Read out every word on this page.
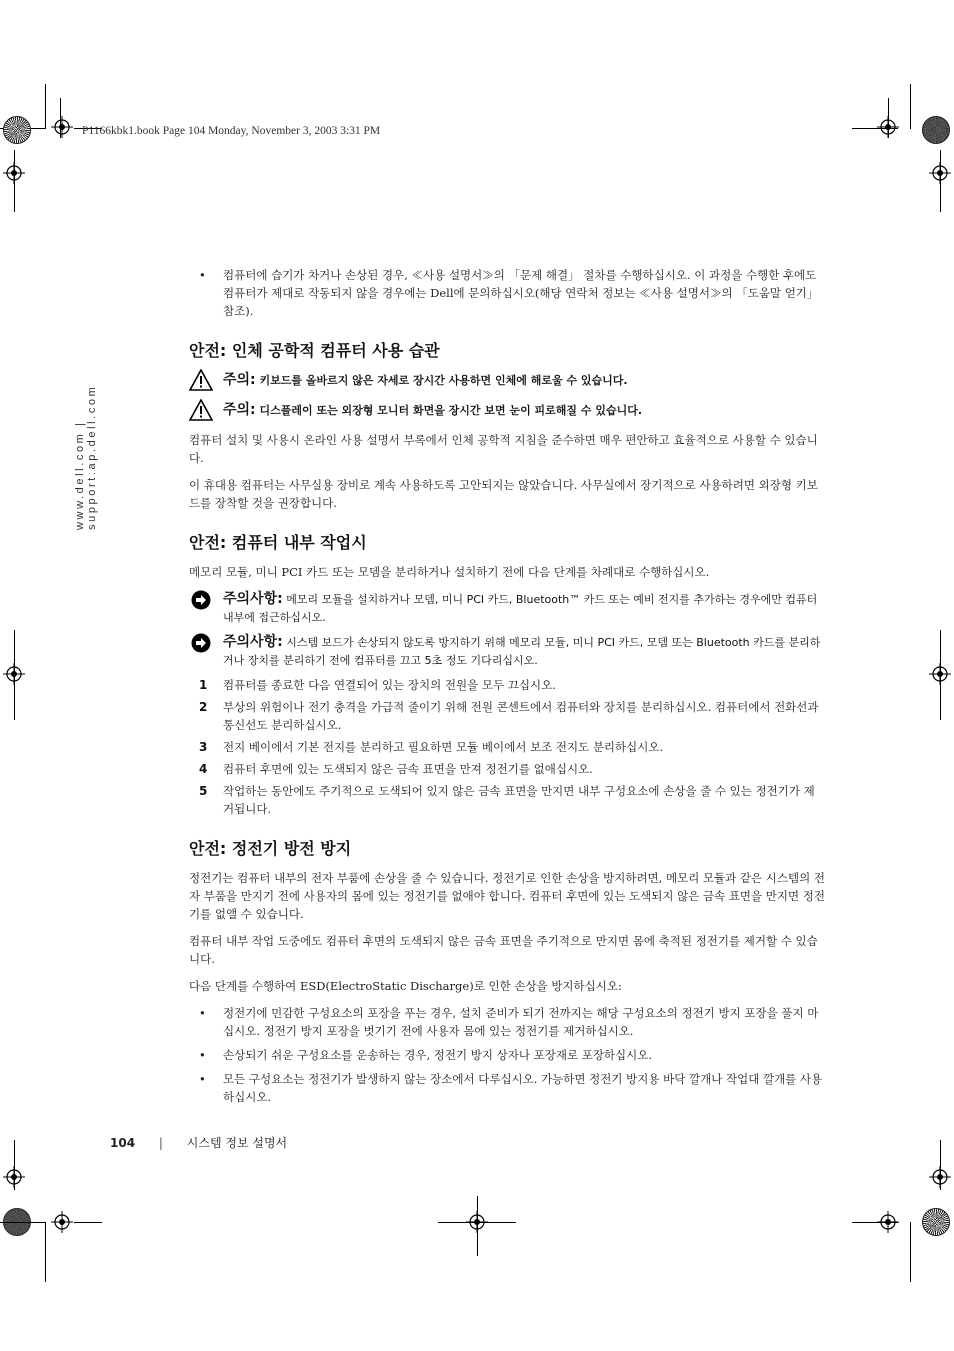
P1166kbk1.book Page 104 Monday, November 3, 2003 3:31 PM
www.dell.com | support.ap.dell.com
• 컴퓨터에 습기가 차거나 손상된 경우, ≪사용 설명서≫의 「문제 해결」 절차를 수행하십시오. 이 과정을 수행한 후에도 컴퓨터가 제대로 작동되지 않을 경우에는 Dell에 문의하십시오(해당 연락처 정보는 ≪사용 설명서≫의 「도움말 얻기」 참조).
안전: 인체 공학적 컴퓨터 사용 습관
주의: 키보드를 올바르지 않은 자세로 장시간 사용하면 인체에 해로울 수 있습니다.
주의: 디스플레이 또는 외장형 모니터 화면을 장시간 보면 눈이 피로해질 수 있습니다.

컴퓨터 설치 및 사용시 온라인 사용 설명서 부록에서 인체 공학적 지침을 준수하면 매우 편안하고 효율적으로 사용할 수 있습니다.

이 휴대용 컴퓨터는 사무실용 장비로 계속 사용하도록 고안되지는 않았습니다. 사무실에서 장기적으로 사용하려면 외장형 키보드를 장착할 것을 권장합니다.

안전: 컴퓨터 내부 작업시

메모리 모듈, 미니 PCI 카드 또는 모뎀을 분리하거나 설치하기 전에 다음 단계를 차례대로 수행하십시오.

주의사항: 메모리 모듈을 설치하거나 모뎀, 미니 PCI 카드, Bluetooth™ 카드 또는 예비 전지를 추가하는 경우에만 컴퓨터 내부에 접근하십시오.
주의사항: 시스템 보드가 손상되지 않도록 방지하기 위해 메모리 모듈, 미니 PCI 카드, 모뎀 또는 Bluetooth 카드를 분리하거나 장치를 분리하기 전에 컴퓨터를 끄고 5초 정도 기다리십시오.
1 컴퓨터를 종료한 다음 연결되어 있는 장치의 전원을 모두 끄십시오.
2 부상의 위험이나 전기 충격을 가급적 줄이기 위해 전원 콘센트에서 컴퓨터와 장치를 분리하십시오. 컴퓨터에서 전화선과 통신선도 분리하십시오.
3 전지 베이에서 기본 전지를 분리하고 필요하면 모듈 베이에서 보조 전지도 분리하십시오.
4 컴퓨터 후면에 있는 도색되지 않은 금속 표면을 만져 정전기를 없애십시오.
5 작업하는 동안에도 주기적으로 도색되어 있지 않은 금속 표면을 만지면 내부 구성요소에 손상을 줄 수 있는 정전기가 제거됩니다.
안전: 정전기 방전 방지

정전기는 컴퓨터 내부의 전자 부품에 손상을 줄 수 있습니다. 정전기로 인한 손상을 방지하려면, 메모리 모듈과 같은 시스템의 전자 부품을 만지기 전에 사용자의 몸에 있는 정전기를 없애야 합니다. 컴퓨터 후면에 있는 도색되지 않은 금속 표면을 만지면 정전기를 없앨 수 있습니다.

컴퓨터 내부 작업 도중에도 컴퓨터 후면의 도색되지 않은 금속 표면을 주기적으로 만지면 몸에 축적된 정전기를 제거할 수 있습니다.

다음 단계를 수행하여 ESD(ElectroStatic Discharge)로 인한 손상을 방지하십시오:

• 정전기에 민감한 구성요소의 포장을 푸는 경우, 설치 준비가 되기 전까지는 해당 구성요소의 정전기 방지 포장을 풀지 마십시오. 정전기 방지 포장을 벗기기 전에 사용자 몸에 있는 정전기를 제거하십시오.
• 손상되기 쉬운 구성요소를 운송하는 경우, 정전기 방지 상자나 포장재로 포장하십시오.
• 모든 구성요소는 정전기가 발생하지 않는 장소에서 다루십시오. 가능하면 정전기 방지용 바닥 깔개나 작업대 깔개를 사용하십시오.
104 | 시스템 정보 설명서
